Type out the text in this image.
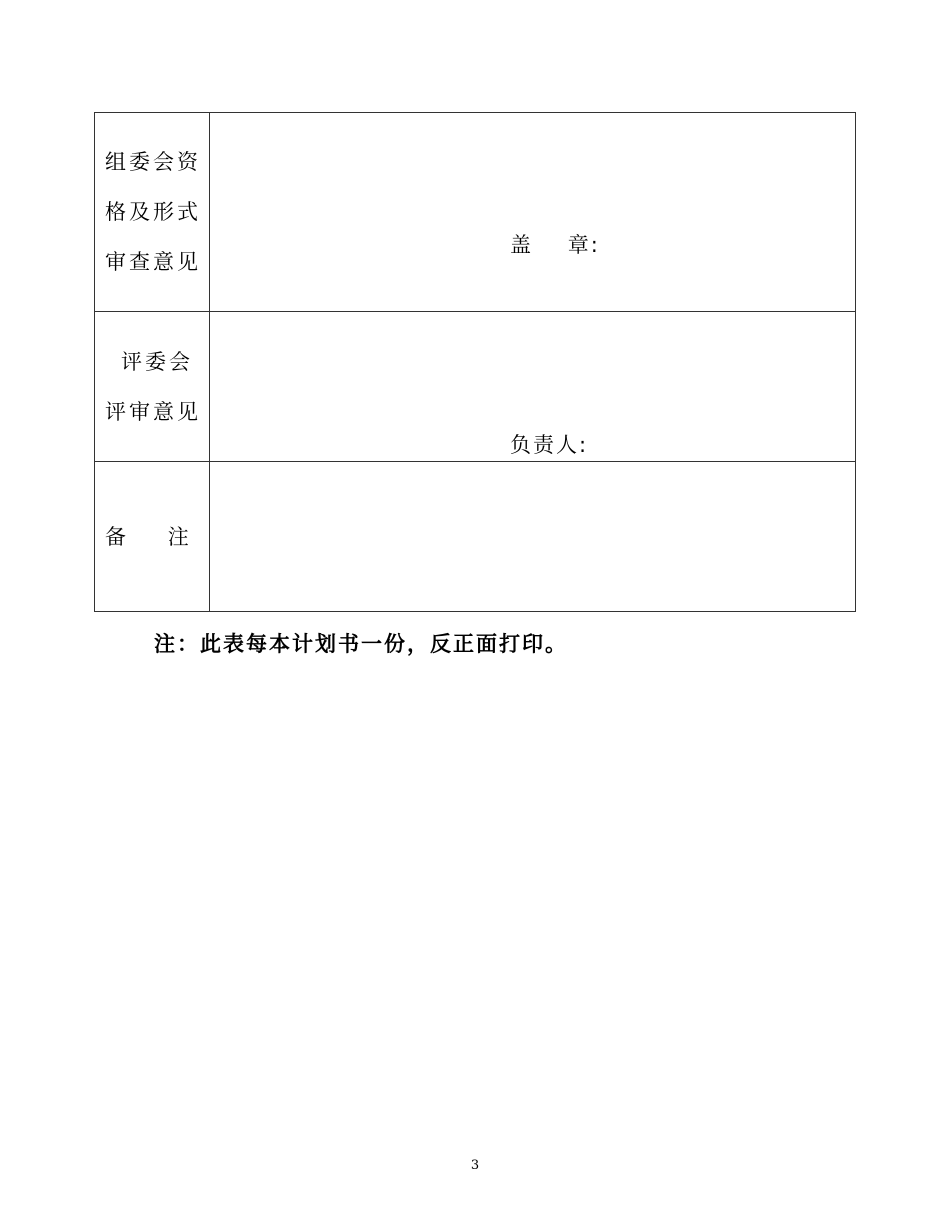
组委会资
格及形式
审查意见	盖    章:

评委会
评审意见	负责人:

备    注	

注：此表每本计划书一份，反正面打印。
3
